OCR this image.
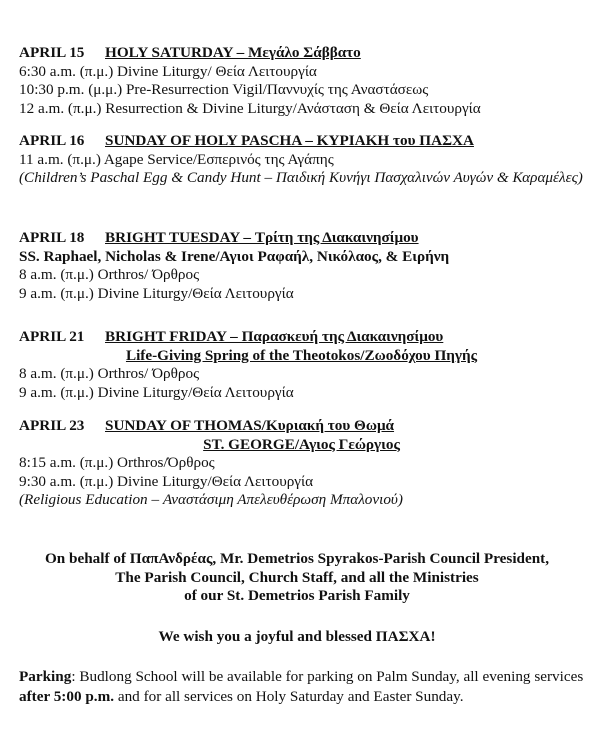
APRIL 15 HOLY SATURDAY – Μεγάλο Σάββατο
6:30 a.m. (π.μ.) Divine Liturgy/ Θεία Λειτουργία
10:30 p.m. (μ.μ.) Pre-Resurrection Vigil/Παννυχίς της Αναστάσεως
12 a.m. (π.μ.) Resurrection & Divine Liturgy/Ανάσταση & Θεία Λειτουργία
APRIL 16 SUNDAY OF HOLY PASCHA – ΚΥΡΙΑΚΗ του ΠΑΣΧΑ
11 a.m. (π.μ.) Agape Service/Εσπερινός της Αγάπης
(Children’s Paschal Egg & Candy Hunt – Παιδική Κυνήγι Πασχαλινών Αυγών & Καραμέλες)
APRIL 18 BRIGHT TUESDAY – Τρίτη της Διακαινησίμου
SS. Raphael, Nicholas & Irene/Αγιοι Ραφαήλ, Νικόλαος, & Ειρήνη
8 a.m. (π.μ.) Orthros/ Όρθρος
9 a.m. (π.μ.) Divine Liturgy/Θεία Λειτουργία
APRIL 21 BRIGHT FRIDAY – Παρασκευή της Διακαινησίμου
Life-Giving Spring of the Theotokos/Ζωοδόχου Πηγής
8 a.m. (π.μ.) Orthros/ Όρθρος
9 a.m. (π.μ.) Divine Liturgy/Θεία Λειτουργία
APRIL 23 SUNDAY OF THOMAS/Κυριακή του Θωμά
ST. GEORGE/Αγιος Γεώργιος
8:15 a.m. (π.μ.) Orthros/Όρθρος
9:30 a.m. (π.μ.) Divine Liturgy/Θεία Λειτουργία
(Religious Education – Αναστάσιμη Απελευθέρωση Μπαλονιού)
On behalf of ΠαπΑνδρέας, Mr. Demetrios Spyrakos-Parish Council President,
The Parish Council, Church Staff, and all the Ministries
of our St. Demetrios Parish Family
We wish you a joyful and blessed ΠΑΣΧΑ!
Parking: Budlong School will be available for parking on Palm Sunday, all evening services after 5:00 p.m. and for all services on Holy Saturday and Easter Sunday.
